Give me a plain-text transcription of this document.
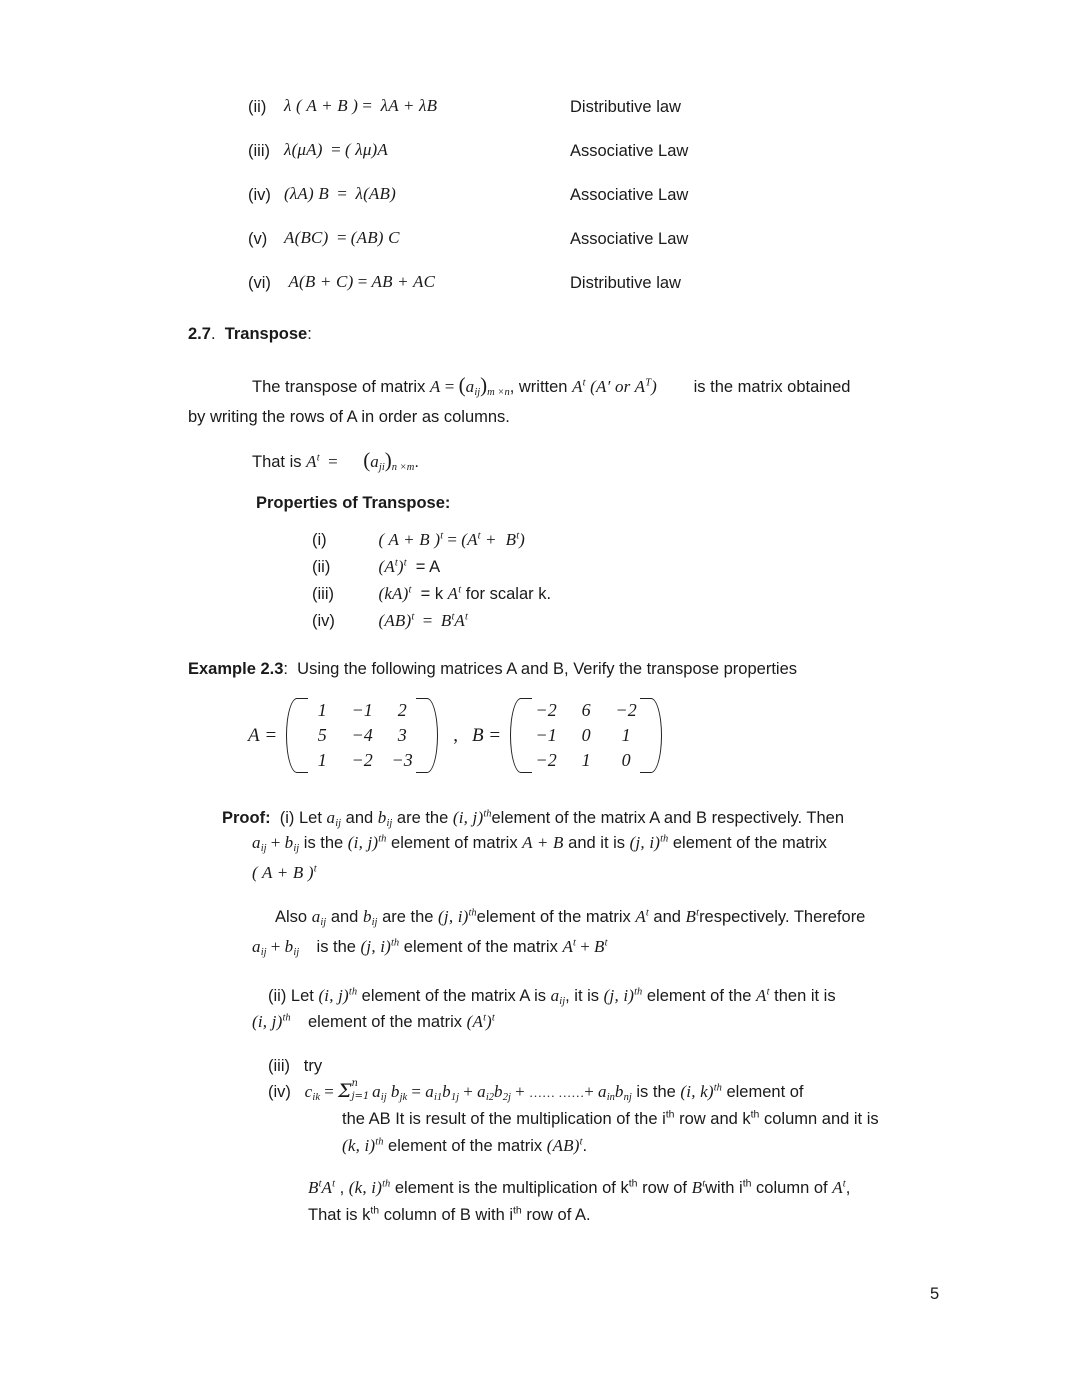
(ii) λ ( A + B ) =  λA + λB	Distributive law
(iii) λ(μA)  = ( λμ)A	Associative Law
(iv) (λA) B  =  λ(AB)	Associative Law
(v) A(BC)  = (AB) C	Associative Law
(vi) A(B + C) = AB + AC	Distributive law
2.7. Transpose:
The transpose of matrix $A = (a_{ij})_{m \times n}$, written $A^t$ (A′ or $A^T$) is the matrix obtained
by writing the rows of A in order as columns.
That is $A^t$  =      $(a_{ji})_{n \times m}$.
Properties of Transpose:
(i)	( A + B )$^t = (A^t + B^t)$
(ii)	$(A^t)^t = A$
(iii)	(kA)$^t$  = k $A^t$ for scalar k.
(iv)	$(AB)^t = B^tA^t$
Example 2.3: Using the following matrices A and B, Verify the transpose properties
A =
1	−1	2
5	−4	3
1	−2	−3
, B =
−2	6	−2
−1	0	1
−2	1	0
Proof: (i) Let $a_{ij}$ and $b_{ij}$ are the (i, j)$^{th}$element of the matrix A and B respectively. Then
$a_{ij} + b_{ij}$ is the (i, j)$^{th}$ element of matrix A + B and it is (j, i)$^{th}$ element of the matrix
( A + B )$^t$
Also $a_{ij}$ and $b_{ij}$ are the (j, i)$^{th}$element of the matrix $A^t$ and $B^trespectively$. Therefore
$a_{ij} + b_{ij}$    is the (j, i)$^{th}$ element of the matrix $A^t + B^t$
(ii) Let (i, j)$^{th}$ element of the matrix A is $a_{ij}$, it is (j, i)$^{th}$ element of the $A^t$ then it is
(i, j)$^{th}$    element of the matrix $(A^t)^t$
(iii) try
(iv) $c_{ik} = \Sigma$ n
j=1 $a_{ij}$ $b_{jk} = a_{i1}b_{1j} + a_{i2}b_{2j}$ + …… ……+ $a_{in}b_{nj}$ is the (i, k)$^{th}$ element of
the AB It is result of the multiplication of the $i^{th}$ row and $k^{th}$ column and it is
(k, i)$^{th}$ element of the matrix (AB)$^t$.
$B^tA^t$ , (k, i)$^{th}$ element is the multiplication of $k^{th}$ row of $B^twith$ $i^{th}$ column of $A^t$,
That is $k^{th}$ column of B with $i^{th}$ row of A.
5
